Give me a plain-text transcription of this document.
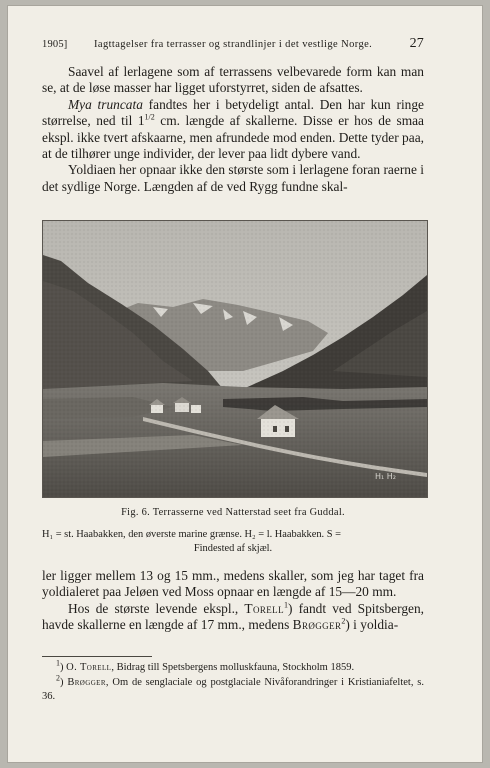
1905]	Iagttagelser fra terrasser og strandlinjer i det vestlige Norge.	27

Saavel af lerlagene som af terrassens velbevarede form kan man se, at de løse masser har ligget uforstyrret, siden de afsattes.

Mya truncata fandtes her i betydeligt antal. Den har kun ringe størrelse, ned til $1^{1/2}$ cm. længde af skallerne. Disse er hos de smaa ekspl. ikke tvert afskaarne, men afrundede mod enden. Dette tyder paa, at de tilhører unge individer, der lever paa lidt dybere vand.

Yoldiaen her opnaar ikke den største som i lerlagene foran raerne i det sydlige Norge. Længden af de ved Rygg fundne skal-

H₁ H₂
Fig. 6. Terrasserne ved Natterstad seet fra Guddal.
H₁ = st. Haabakken, den øverste marine grænse. H₂ = l. Haabakken. S =
Findested af skjæl.

ler ligger mellem 13 og 15 mm., medens skaller, som jeg har taget fra yoldialeret paa Jeløen ved Moss opnaar en længde af 15—20 mm.

Hos de største levende ekspl., Torell$^1$) fandt ved Spitsbergen, havde skallerne en længde af 17 mm., medens Brøgger$^2$) i yoldia-

$^1$) O. Torell, Bidrag till Spetsbergens molluskfauna, Stockholm 1859.

$^2$) Brøgger, Om de senglaciale og postglaciale Nivåforandringer i Kristianiafeltet, s. 36.
